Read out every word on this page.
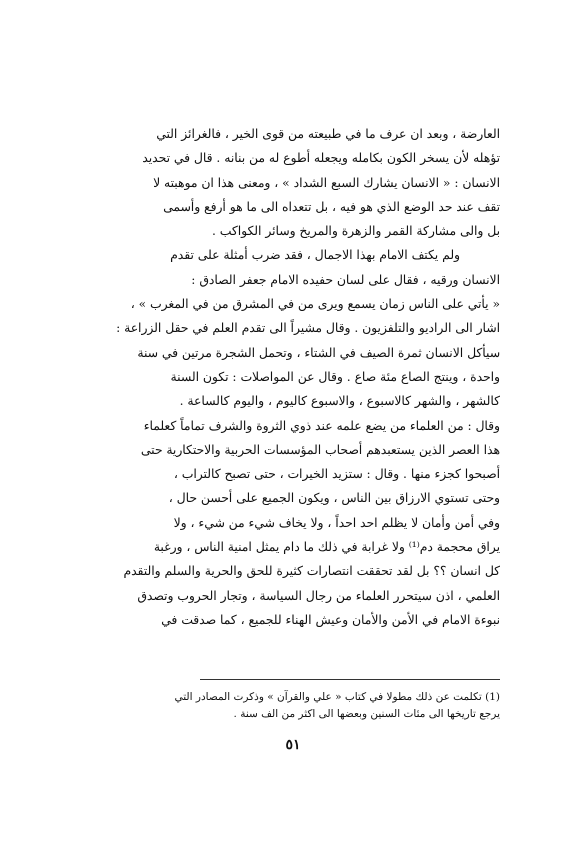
العارضة ، وبعد ان عرف ما في طبيعته من قوى الخير ، فالغرائز التي
تؤهله لأن يسخر الكون بكامله ويجعله أطوع له من بنانه . قال في تحديد
الانسان : « الانسان يشارك السبع الشداد » ، ومعنى هذا ان موهبته لا
تقف عند حد الوضع الذي هو فيه ، بل تتعداه الى ما هو أرفع وأسمى
بل والى مشاركة القمر والزهرة والمريخ وسائر الكواكب .
ولم يكتف الامام بهذا الاجمال ، فقد ضرب أمثلة على تقدم
الانسان ورقيه ، فقال على لسان حفيده الامام جعفر الصادق :
« يأتي على الناس زمان يسمع ويرى من في المشرق من في المغرب » ،
اشار الى الراديو والتلفزيون . وقال مشيراً الى تقدم العلم في حقل الزراعة :
سيأكل الانسان ثمرة الصيف في الشتاء ، وتحمل الشجرة مرتين في سنة
واحدة ، وينتج الصاع مئة صاع . وقال عن المواصلات : تكون السنة
كالشهر ، والشهر كالاسبوع ، والاسبوع كاليوم ، واليوم كالساعة .
وقال : من العلماء من يضع علمه عند ذوي الثروة والشرف تماماً كعلماء
هذا العصر الذين يستعبدهم أصحاب المؤسسات الحربية والاحتكارية حتى
أصبحوا كجزء منها . وقال : ستزيد الخيرات ، حتى تصبح كالتراب ،
وحتى تستوي الارزاق بين الناس ، ويكون الجميع على أحسن حال ،
وفي أمن وأمان لا يظلم احد احداً ، ولا يخاف شيء من شيء ، ولا
يراق محجمة دم⁽¹⁾ ولا غرابة في ذلك ما دام يمثل امنية الناس ، ورغبة
كل انسان ؟؟ بل لقد تحققت انتصارات كثيرة للحق والحرية والسلم والتقدم
العلمي ، اذن سيتحرر العلماء من رجال السياسة ، وتجار الحروب وتصدق
نبوءة الامام في الأمن والأمان وعيش الهناء للجميع ، كما صدقت في
(1) تكلمت عن ذلك مطولا في كتاب « علي والقرآن » وذكرت المصادر التي
يرجع تاريخها الى مئات السنين وبعضها الى اكثر من الف سنة .
٥١
